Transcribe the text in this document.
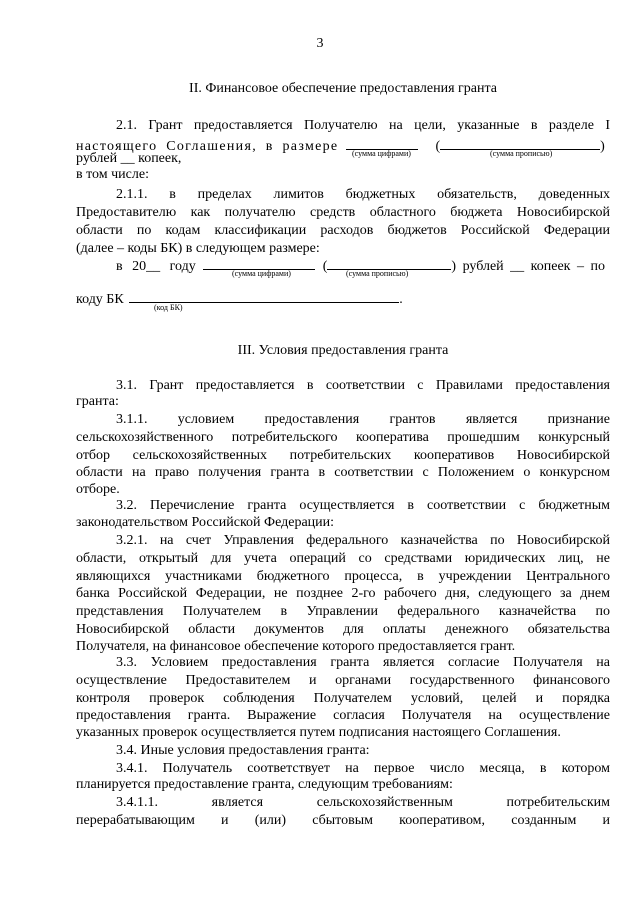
3
II. Финансовое обеспечение предоставления гранта
2.1. Грант предоставляется Получателю на цели, указанные в разделе I
настоящего Соглашения, в размере	(	)
(сумма цифрами)	(сумма прописью)
рублей __ копеек,
в том числе:
2.1.1. в пределах лимитов бюджетных обязательств, доведенных
Предоставителю как получателю средств областного бюджета Новосибирской
области по кодам классификации расходов бюджетов Российской Федерации
(далее – коды БК) в следующем размере:
в 20__ году	(	) рублей __ копеек – по
(сумма цифрами)	(сумма прописью)
коду БК	.
(код БК)
III. Условия предоставления гранта
3.1. Грант предоставляется в соответствии с Правилами предоставления
гранта:
3.1.1. условием предоставления грантов является признание
сельскохозяйственного потребительского кооператива прошедшим конкурсный
отбор сельскохозяйственных потребительских кооперативов Новосибирской
области на право получения гранта в соответствии с Положением о конкурсном
отборе.
3.2. Перечисление гранта осуществляется в соответствии с бюджетным
законодательством Российской Федерации:
3.2.1. на счет Управления федерального казначейства по Новосибирской
области, открытый для учета операций со средствами юридических лиц, не
являющихся участниками бюджетного процесса, в учреждении Центрального
банка Российской Федерации, не позднее 2-го рабочего дня, следующего за днем
представления Получателем в Управлении федерального казначейства по
Новосибирской области документов для оплаты денежного обязательства
Получателя, на финансовое обеспечение которого предоставляется грант.
3.3. Условием предоставления гранта является согласие Получателя на
осуществление Предоставителем и органами государственного финансового
контроля проверок соблюдения Получателем условий, целей и порядка
предоставления гранта. Выражение согласия Получателя на осуществление
указанных проверок осуществляется путем подписания настоящего Соглашения.
3.4. Иные условия предоставления гранта:
3.4.1. Получатель соответствует на первое число месяца, в котором
планируется предоставление гранта, следующим требованиям:
3.4.1.1. является сельскохозяйственным потребительским
перерабатывающим и (или) сбытовым кооперативом, созданным и
